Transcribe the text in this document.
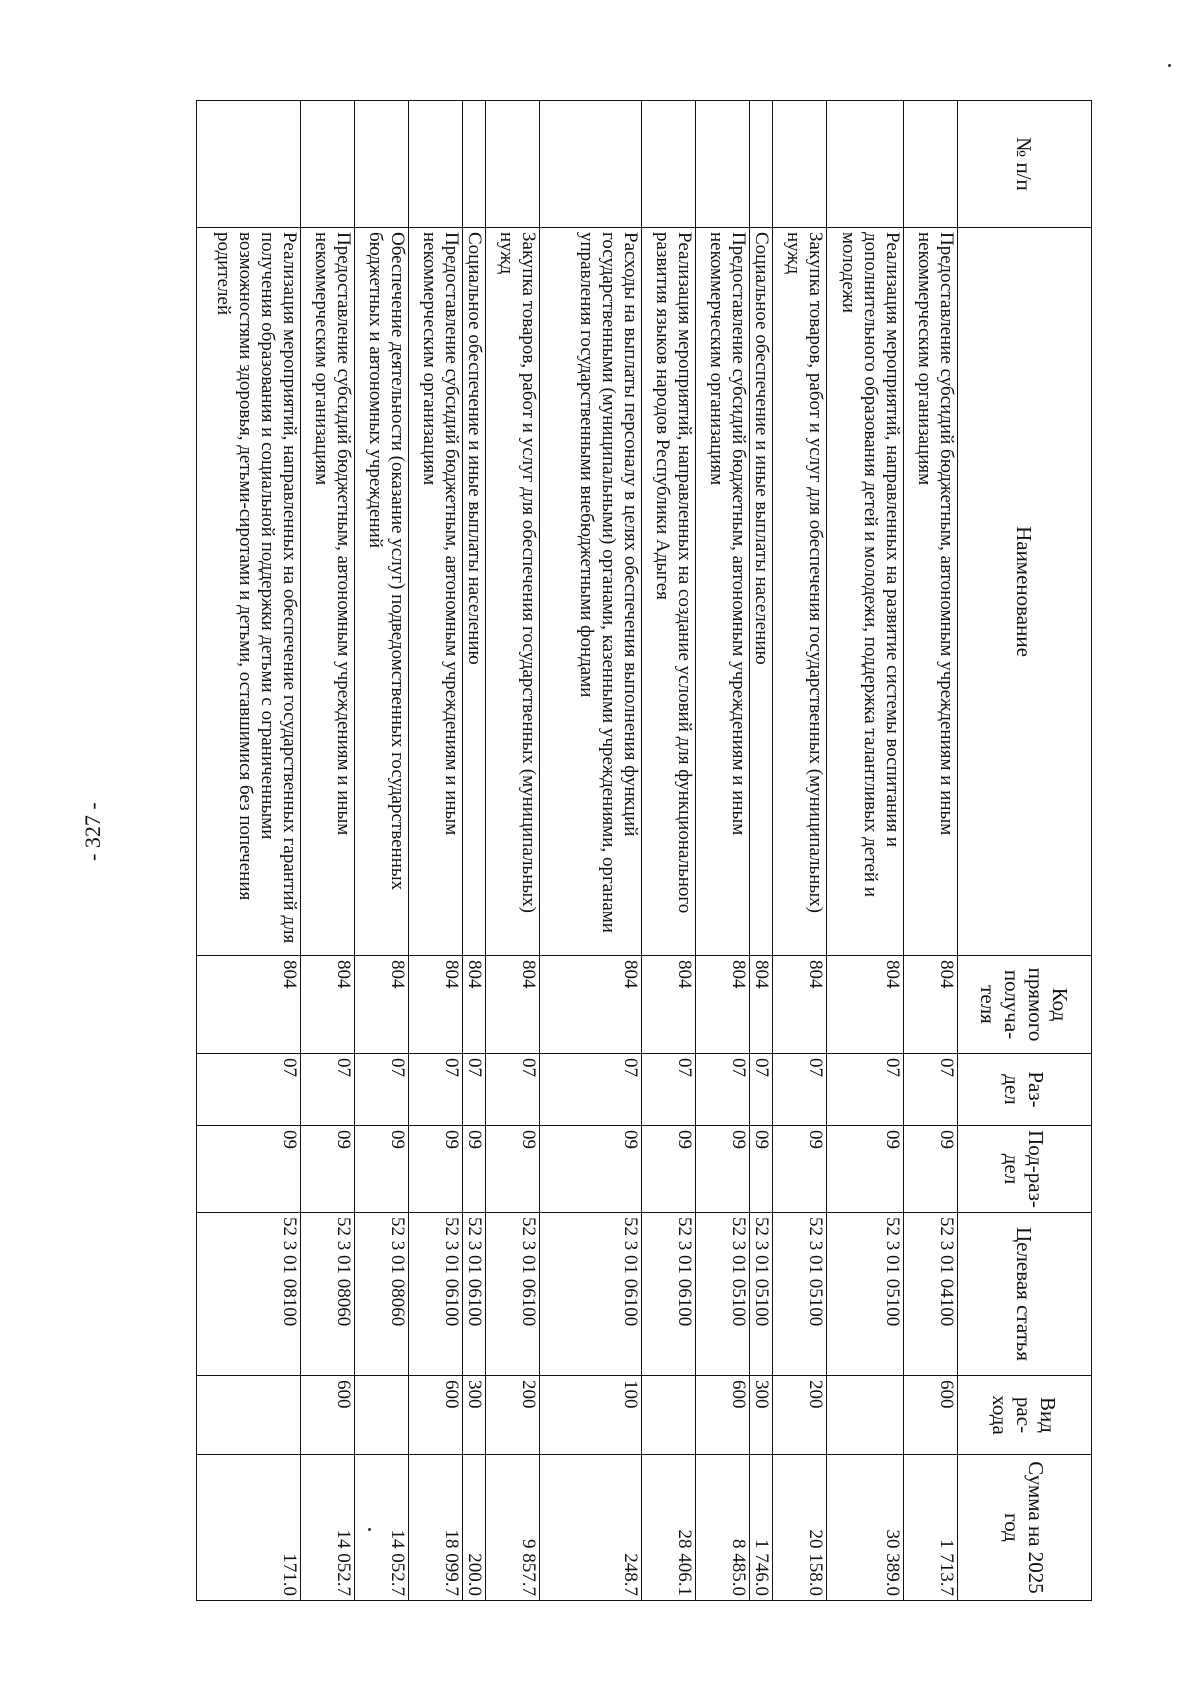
- 327 -
№ п/п	Наименование	Код прямого получа-теля	Раз-дел	Под-раз-дел	Целевая статья	Вид рас-хода	Сумма на 2025 год
	Предоставление субсидий бюджетным, автономным учреждениям и иным некоммерческим организациям	804	07	09	52 3 01 04100	600	1 713.7
	Реализация мероприятий, направленных на развитие системы воспитания и дополнительного образования детей и молодежи, поддержка талантливых детей и молодежи	804	07	09	52 3 01 05100		30 389.0
	Закупка товаров, работ и услуг для обеспечения государственных (муниципальных) нужд	804	07	09	52 3 01 05100	200	20 158.0
	Социальное обеспечение и иные выплаты населению	804	07	09	52 3 01 05100	300	1 746.0
	Предоставление субсидий бюджетным, автономным учреждениям и иным некоммерческим организациям	804	07	09	52 3 01 05100	600	8 485.0
	Реализация мероприятий, направленных на создание условий для функционального развития языков народов Республики Адыгея	804	07	09	52 3 01 06100		28 406.1
	Расходы на выплаты персоналу в целях обеспечения выполнения функций государственными (муниципальными) органами, казенными учреждениями, органами управления государственными внебюджетными фондами	804	07	09	52 3 01 06100	100	248.7
	Закупка товаров, работ и услуг для обеспечения государственных (муниципальных) нужд	804	07	09	52 3 01 06100	200	9 857.7
	Социальное обеспечение и иные выплаты населению	804	07	09	52 3 01 06100	300	200.0
	Предоставление субсидий бюджетным, автономным учреждениям и иным некоммерческим организациям	804	07	09	52 3 01 06100	600	18 099.7
	Обеспечение деятельности (оказание услуг) подведомственных государственных бюджетных и автономных учреждений	804	07	09	52 3 01 08060		14 052.7
	Предоставление субсидий бюджетным, автономным учреждениям и иным некоммерческим организациям	804	07	09	52 3 01 08060	600	14 052.7
	Реализация мероприятий, направленных на обеспечение государственных гарантий для получения образования и социальной поддержки детьми с ограниченными возможностями здоровья, детьми-сиротами и детьми, оставшимися без попечения родителей	804	07	09	52 3 01 08100		171.0
